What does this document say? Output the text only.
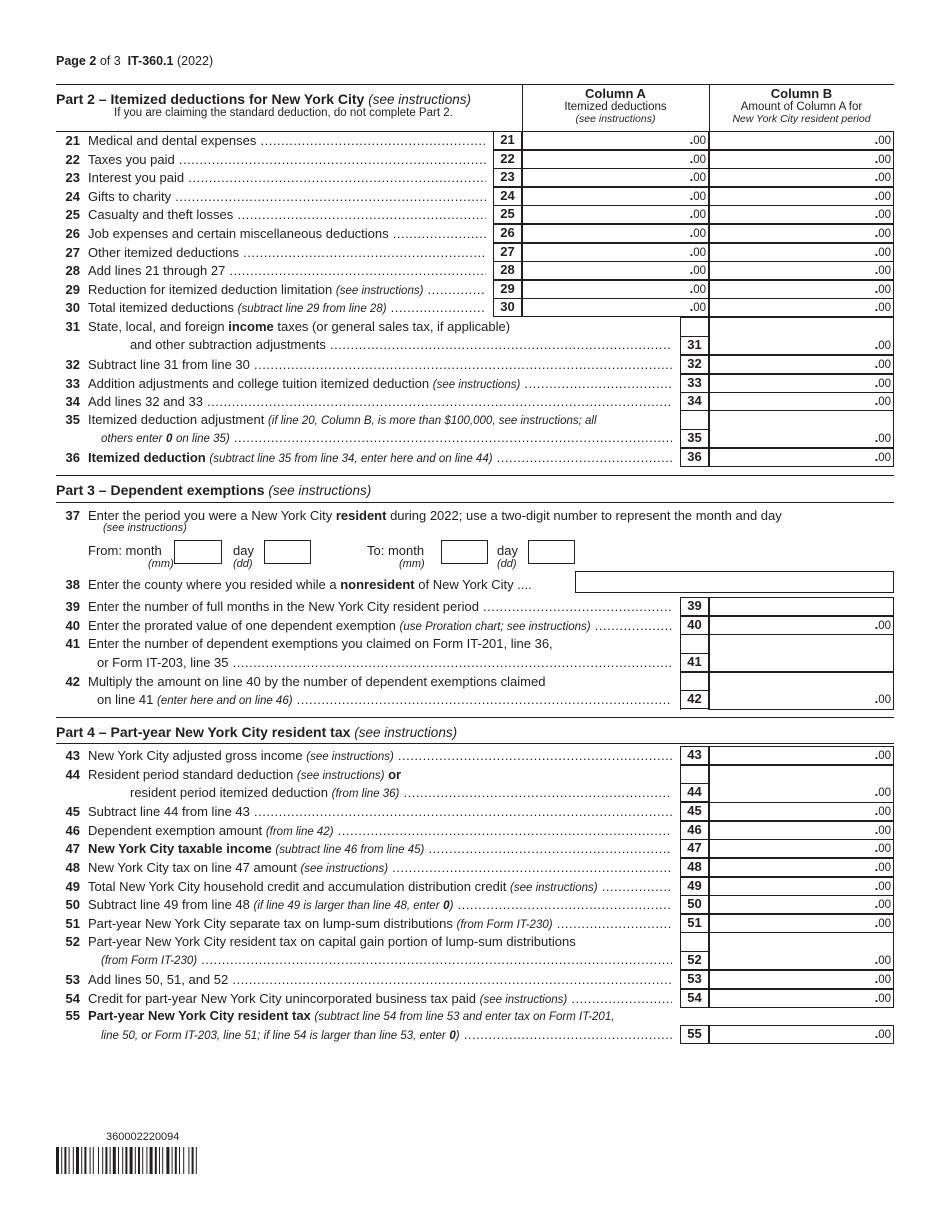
Page 2 of 3 IT-360.1 (2022)
Part 2 – Itemized deductions for New York City (see instructions)
If you are claiming the standard deduction, do not complete Part 2.
Column A
Itemized deductions
(see instructions)
Column B
Amount of Column A for
New York City resident period
21 Medical and dental expenses .....	21	. 00	. 00
22 Taxes you paid .....	22	. 00	. 00
23 Interest you paid .....	23	. 00	. 00
24 Gifts to charity .....	24	. 00	. 00
25 Casualty and theft losses .....	25	. 00	. 00
26 Job expenses and certain miscellaneous deductions .....	26	. 00	. 00
27 Other itemized deductions .....	27	. 00	. 00
28 Add lines 21 through 27 .....	28	. 00	. 00
29 Reduction for itemized deduction limitation (see instructions) .....	29	. 00	. 00
30 Total itemized deductions (subtract line 29 from line 28) .....	30	. 00	. 00
31 State, local, and foreign income taxes (or general sales tax, if applicable)
and other subtraction adjustments .....	31	. 00
32 Subtract line 31 from line 30 .....	32	. 00
33 Addition adjustments and college tuition itemized deduction (see instructions) .....	33	. 00
34 Add lines 32 and 33 .....	34	. 00
35 Itemized deduction adjustment (if line 20, Column B, is more than $100,000, see instructions; all
others enter 0 on line 35) .....	35	. 00
36 Itemized deduction (subtract line 35 from line 34, enter here and on line 44) .....	36	. 00
Part 3 – Dependent exemptions (see instructions)
37 Enter the period you were a New York City resident during 2022; use a two-digit number to represent the month and day
(see instructions)
From: month
(mm)
day
(dd)
To: month
(mm)
day
(dd)
38 Enter the county where you resided while a nonresident of New York City ....
39 Enter the number of full months in the New York City resident period .....	39
40 Enter the prorated value of one dependent exemption (use Proration chart; see instructions) .....	40	. 00
41 Enter the number of dependent exemptions you claimed on Form IT-201, line 36,
or Form IT-203, line 35 .....	41
42 Multiply the amount on line 40 by the number of dependent exemptions claimed
on line 41 (enter here and on line 46) .....	42	. 00
Part 4 – Part-year New York City resident tax (see instructions)
43 New York City adjusted gross income (see instructions) .....	43	. 00
44 Resident period standard deduction (see instructions) or
resident period itemized deduction (from line 36) .....	44	. 00
45 Subtract line 44 from line 43 .....	45	. 00
46 Dependent exemption amount (from line 42) .....	46	. 00
47 New York City taxable income (subtract line 46 from line 45) .....	47	. 00
48 New York City tax on line 47 amount (see instructions) .....	48	. 00
49 Total New York City household credit and accumulation distribution credit (see instructions) .....	49	. 00
50 Subtract line 49 from line 48 (if line 49 is larger than line 48, enter 0) .....	50	. 00
51 Part-year New York City separate tax on lump-sum distributions (from Form IT-230) .....	51	. 00
52 Part-year New York City resident tax on capital gain portion of lump-sum distributions
(from Form IT-230) .....	52	. 00
53 Add lines 50, 51, and 52 .....	53	. 00
54 Credit for part-year New York City unincorporated business tax paid (see instructions) .....	54	. 00
55 Part-year New York City resident tax (subtract line 54 from line 53 and enter tax on Form IT-201,
line 50, or Form IT-203, line 51; if line 54 is larger than line 53, enter 0) .....	55	. 00
360002220094
